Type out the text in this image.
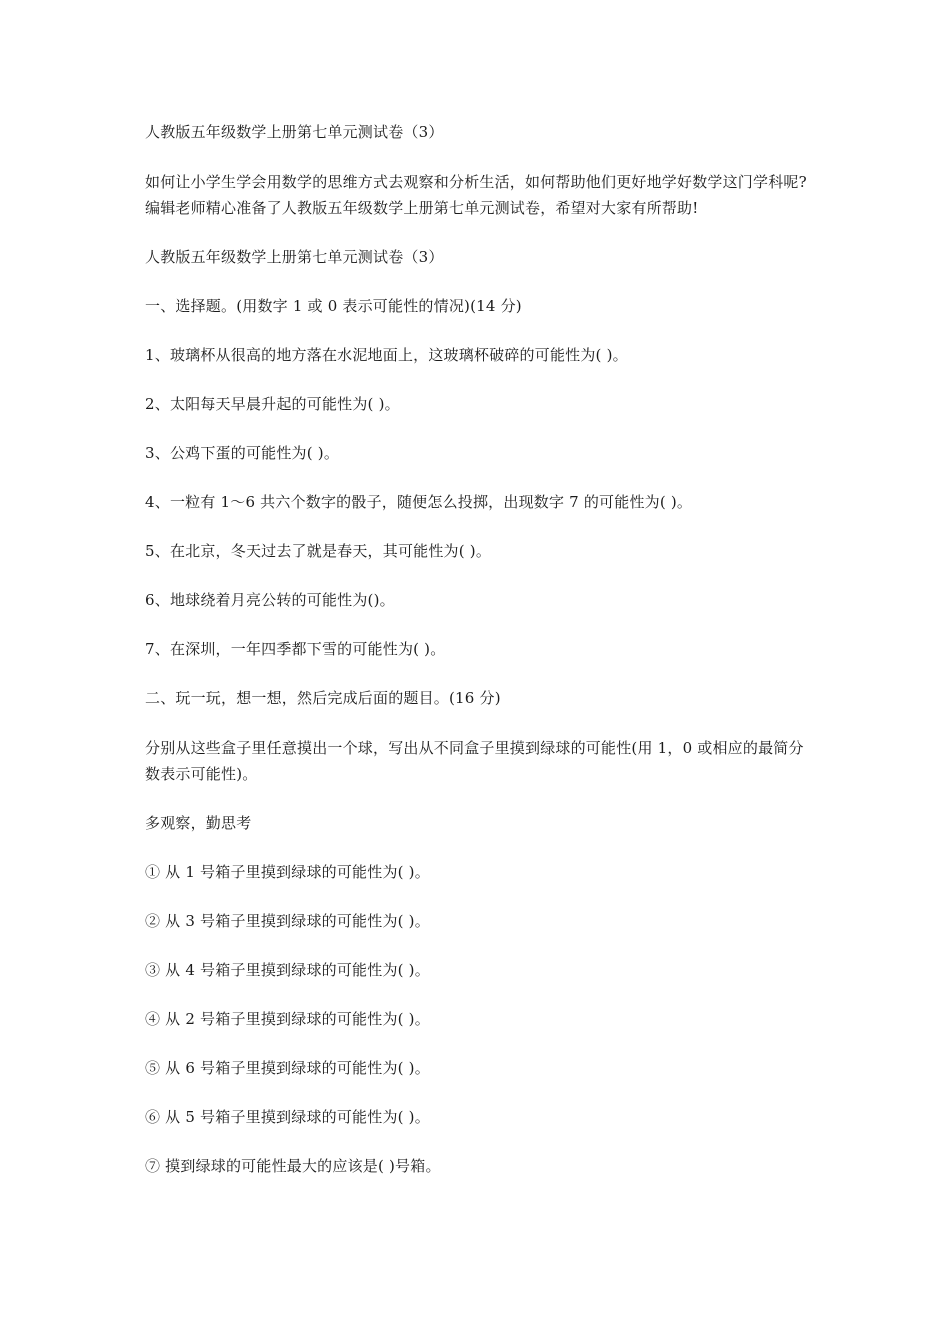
人教版五年级数学上册第七单元测试卷（3）

如何让小学生学会用数学的思维方式去观察和分析生活，如何帮助他们更好地学好数学这门学科呢?编辑老师精心准备了人教版五年级数学上册第七单元测试卷，希望对大家有所帮助!

人教版五年级数学上册第七单元测试卷（3）

一、选择题。(用数字 1 或 0 表示可能性的情况)(14 分)

1、玻璃杯从很高的地方落在水泥地面上，这玻璃杯破碎的可能性为( )。

2、太阳每天早晨升起的可能性为( )。

3、公鸡下蛋的可能性为( )。

4、一粒有 1～6 共六个数字的骰子，随便怎么投掷，出现数字 7 的可能性为( )。

5、在北京，冬天过去了就是春天，其可能性为( )。

6、地球绕着月亮公转的可能性为()。

7、在深圳，一年四季都下雪的可能性为( )。

二、玩一玩，想一想，然后完成后面的题目。(16 分)

分别从这些盒子里任意摸出一个球，写出从不同盒子里摸到绿球的可能性(用 1，0 或相应的最简分数表示可能性)。

多观察，勤思考

① 从 1 号箱子里摸到绿球的可能性为( )。

② 从 3 号箱子里摸到绿球的可能性为( )。

③ 从 4 号箱子里摸到绿球的可能性为( )。

④ 从 2 号箱子里摸到绿球的可能性为( )。

⑤ 从 6 号箱子里摸到绿球的可能性为( )。

⑥ 从 5 号箱子里摸到绿球的可能性为( )。

⑦ 摸到绿球的可能性最大的应该是( )号箱。
